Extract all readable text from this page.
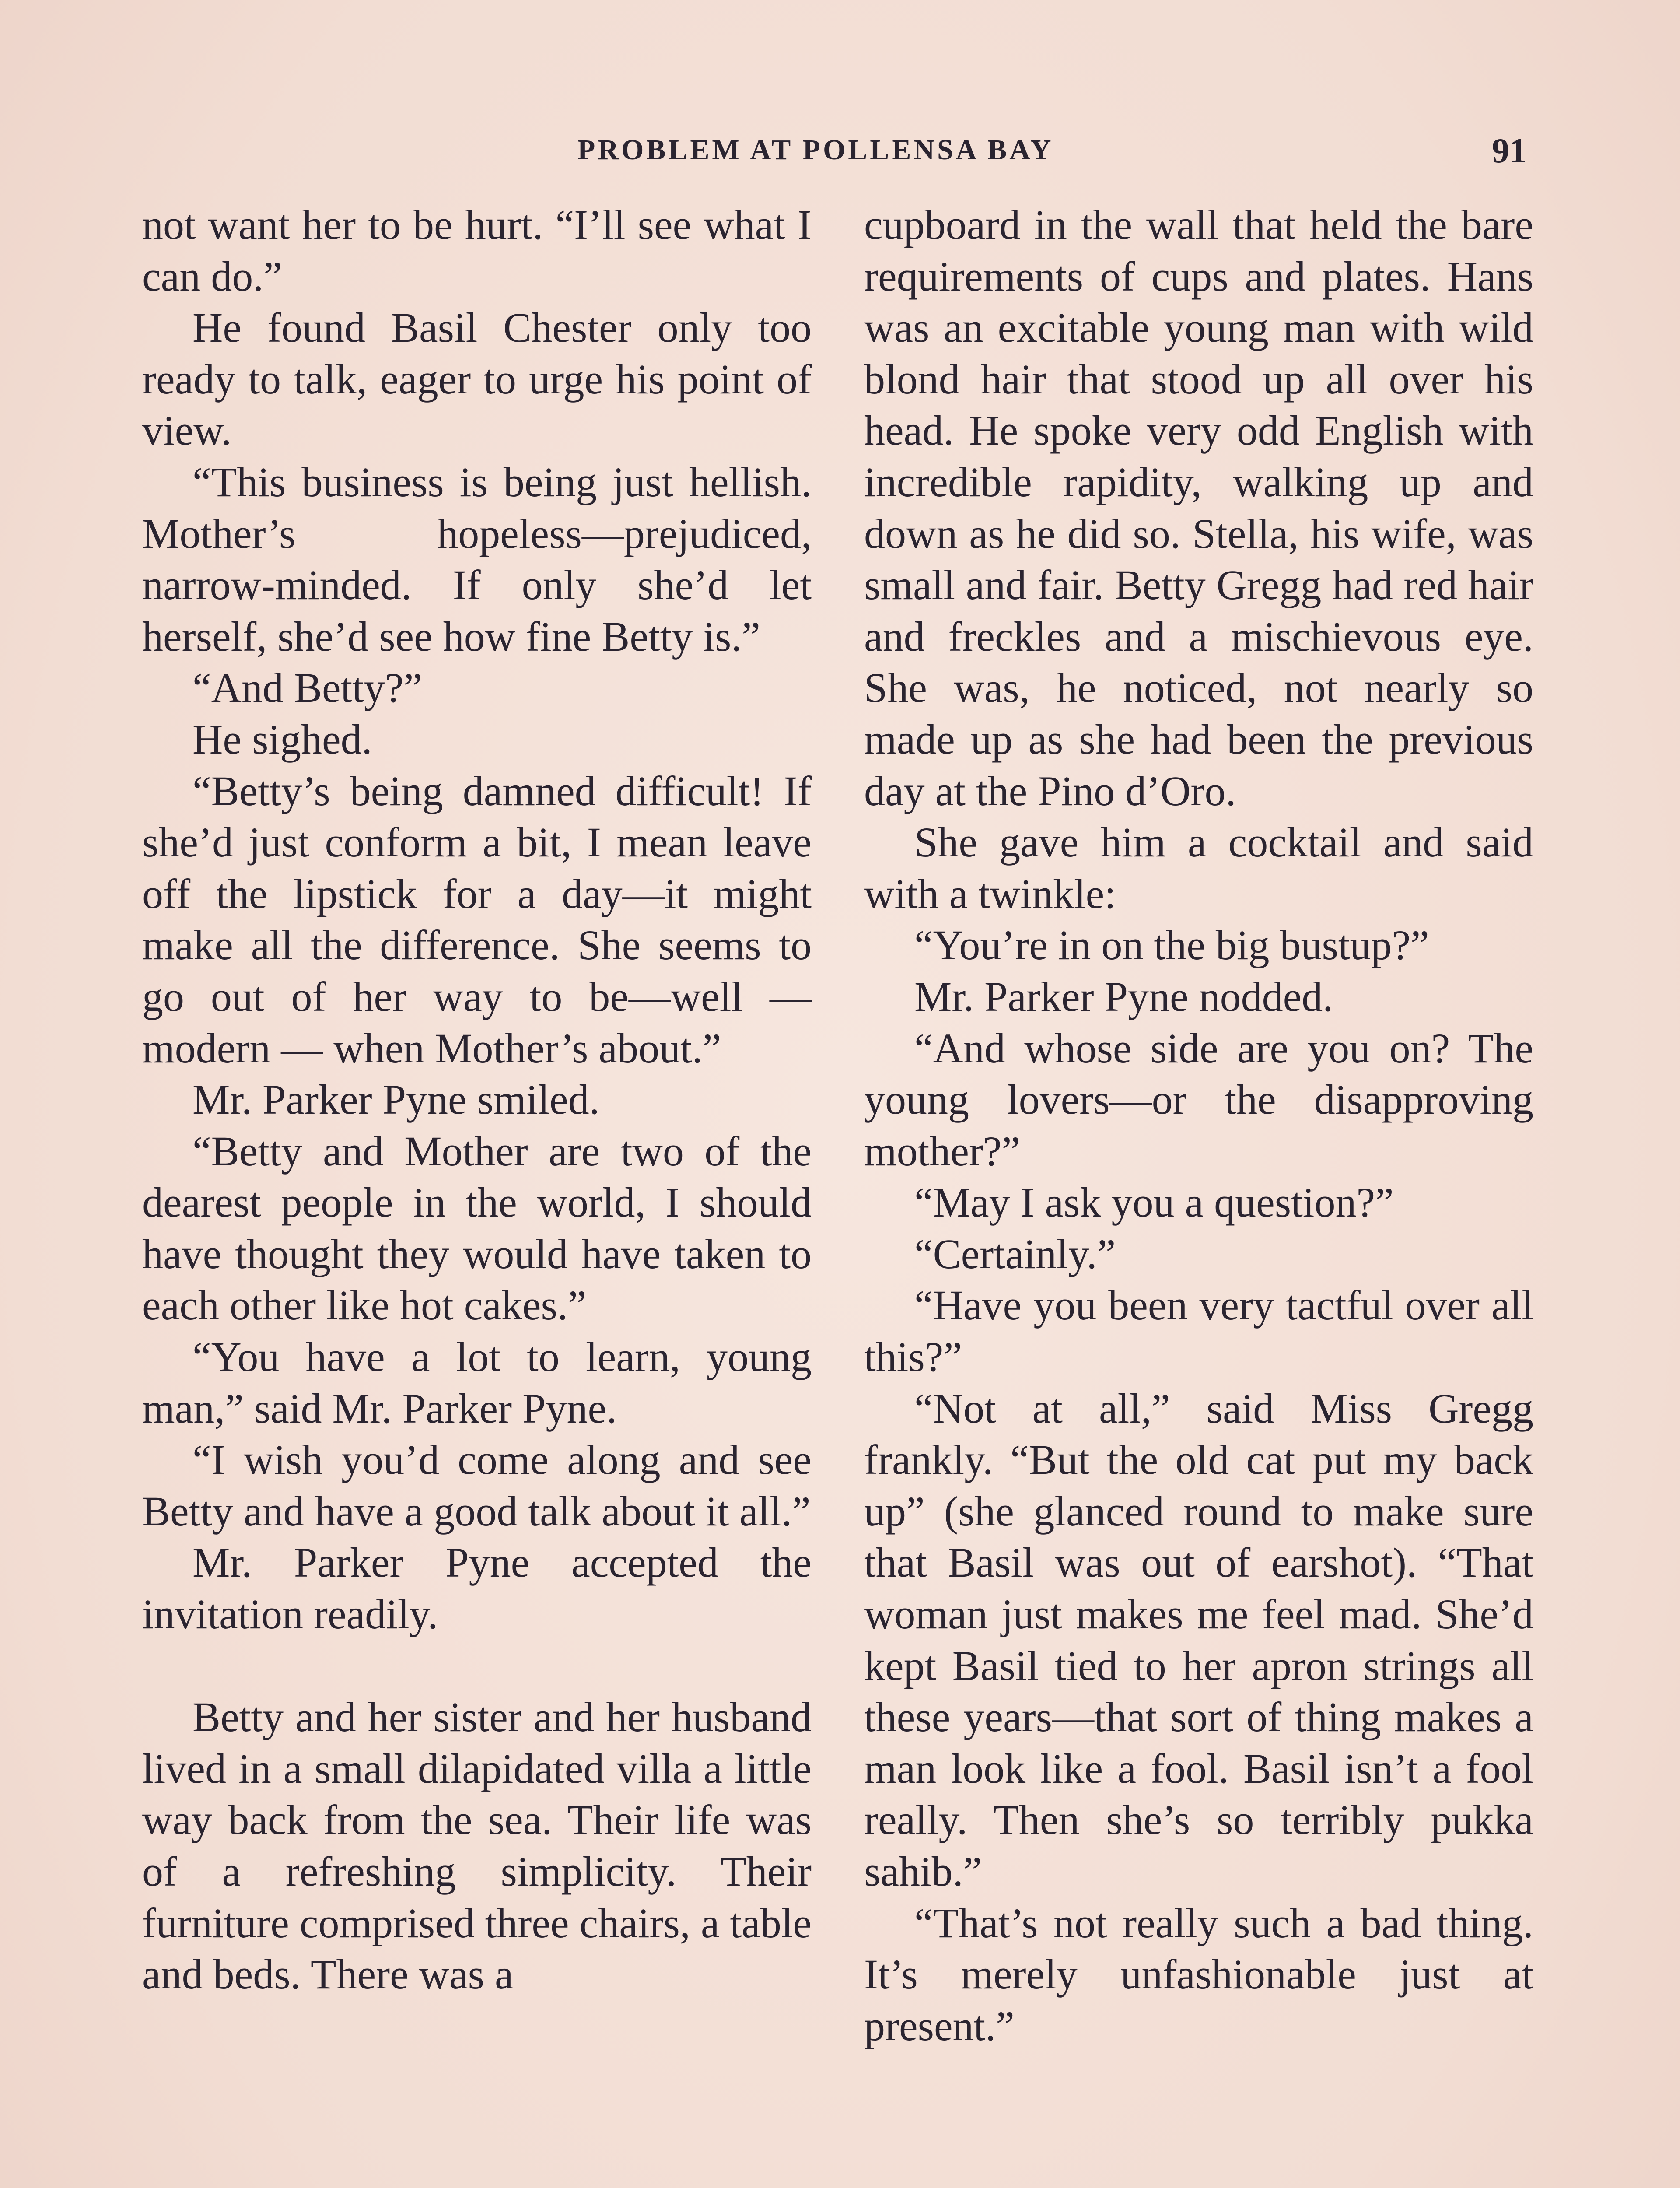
PROBLEM AT POLLENSA BAY	91

not want her to be hurt. “I’ll see what I can do.”

He found Basil Chester only too ready to talk, eager to urge his point of view.

“This business is being just hellish. Mother’s hopeless—prejudiced, narrow-minded. If only she’d let herself, she’d see how fine Betty is.”

“And Betty?”

He sighed.

“Betty’s being damned difficult! If she’d just conform a bit, I mean leave off the lipstick for a day—it might make all the difference. She seems to go out of her way to be—well — modern — when Mother’s about.”

Mr. Parker Pyne smiled.

“Betty and Mother are two of the dearest people in the world, I should have thought they would have taken to each other like hot cakes.”

“You have a lot to learn, young man,” said Mr. Parker Pyne.

“I wish you’d come along and see Betty and have a good talk about it all.”

Mr. Parker Pyne accepted the invitation readily.

Betty and her sister and her husband lived in a small dilapidated villa a little way back from the sea. Their life was of a refreshing simplicity. Their furniture comprised three chairs, a table and beds. There was a

cupboard in the wall that held the bare requirements of cups and plates. Hans was an excitable young man with wild blond hair that stood up all over his head. He spoke very odd English with incredible rapidity, walking up and down as he did so. Stella, his wife, was small and fair. Betty Gregg had red hair and freckles and a mischievous eye. She was, he noticed, not nearly so made up as she had been the previous day at the Pino d’Oro.

She gave him a cocktail and said with a twinkle:

“You’re in on the big bustup?”

Mr. Parker Pyne nodded.

“And whose side are you on? The young lovers—or the disapproving mother?”

“May I ask you a question?”

“Certainly.”

“Have you been very tactful over all this?”

“Not at all,” said Miss Gregg frankly. “But the old cat put my back up” (she glanced round to make sure that Basil was out of earshot). “That woman just makes me feel mad. She’d kept Basil tied to her apron strings all these years—that sort of thing makes a man look like a fool. Basil isn’t a fool really. Then she’s so terribly pukka sahib.”

“That’s not really such a bad thing. It’s merely unfashionable just at present.”
